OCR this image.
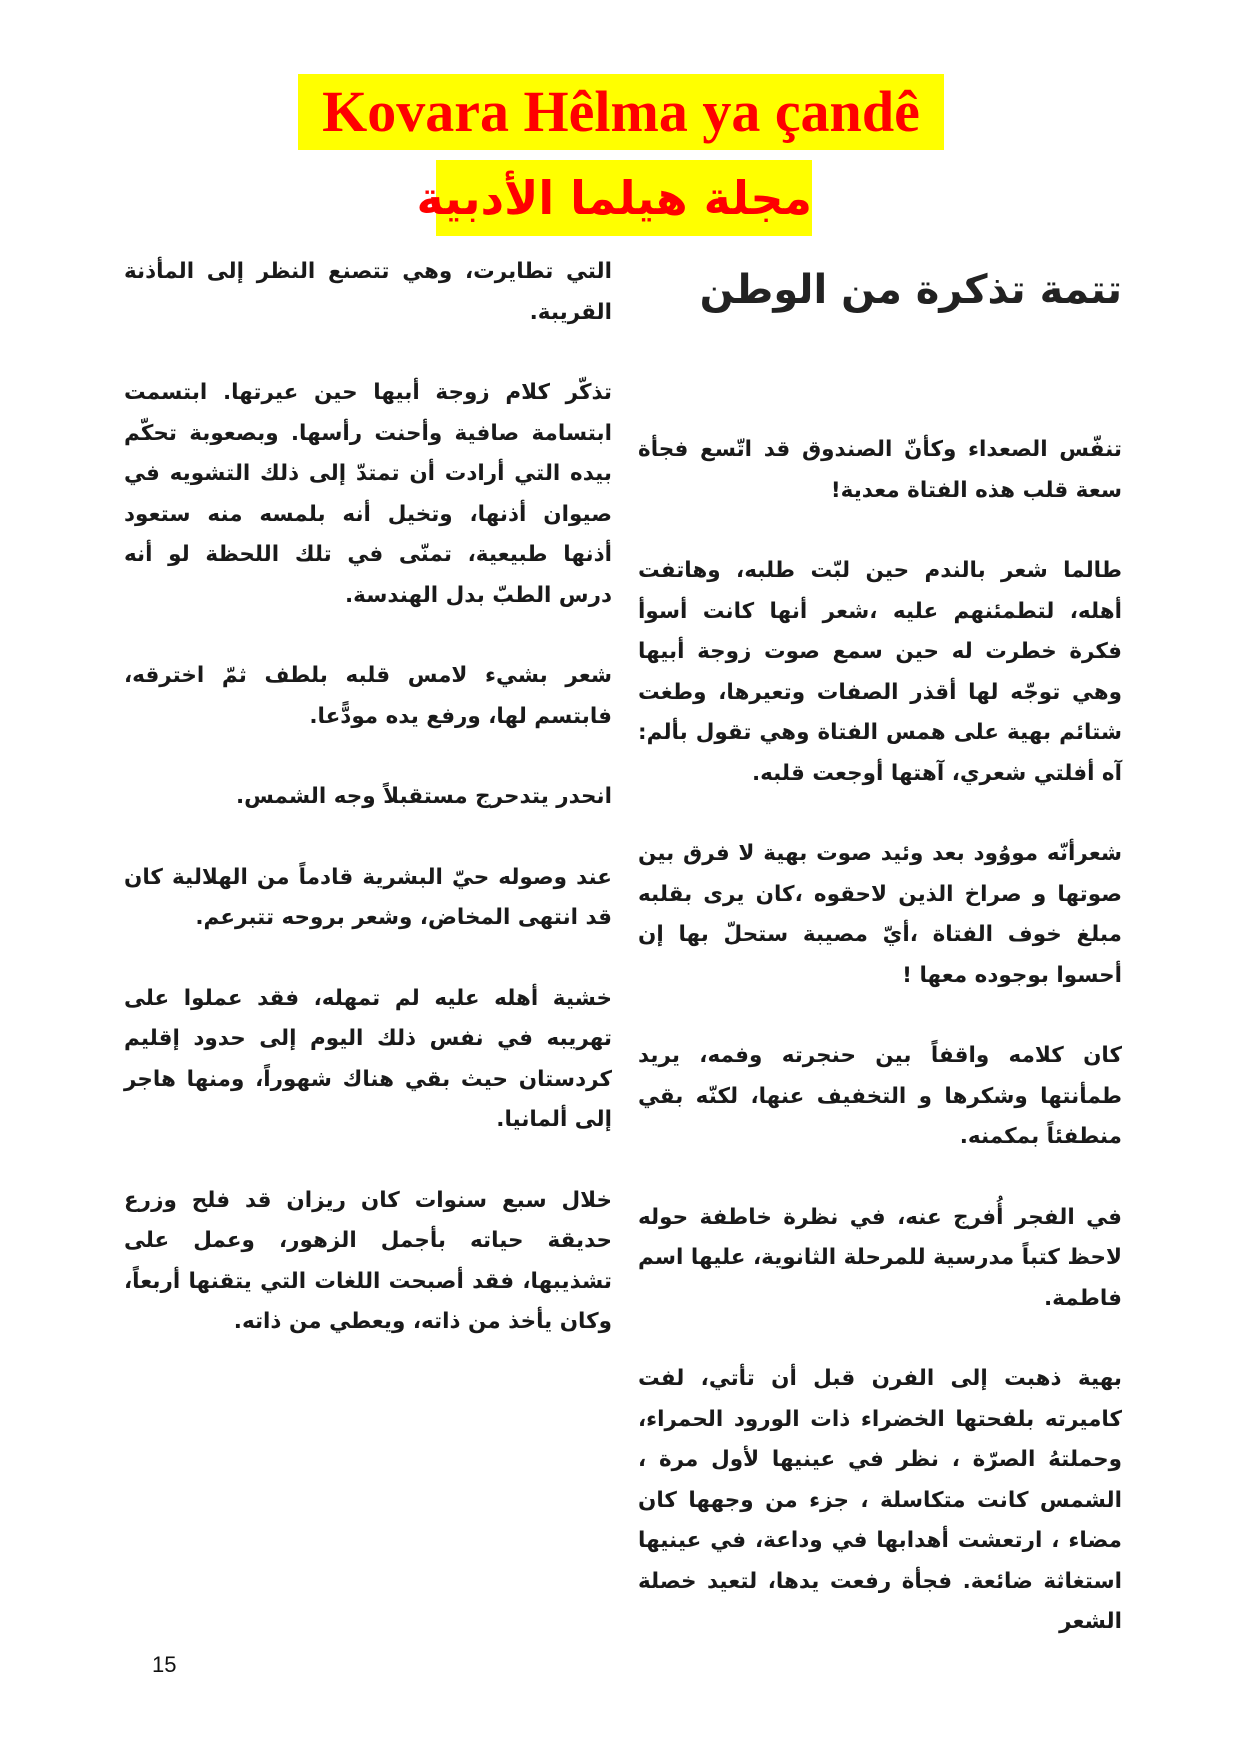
Kovara Hêlma ya çandê
مجلة هيلما الأدبية
تتمة تذكرة من الوطن

تنفّس الصعداء وكأنّ الصندوق قد اتّسع فجأة سعة قلب هذه الفتاة معدية!

طالما شعر بالندم حين لبّت طلبه، وهاتفت أهله، لتطمئنهم عليه ،شعر أنها كانت أسوأ فكرة خطرت له حين سمع صوت زوجة أبيها وهي توجّه لها أقذر الصفات وتعيرها، وطغت شتائم بهية على همس الفتاة وهي تقول بألم: آه أفلتي شعري، آهتها أوجعت قلبه.

شعرأنّه مووُود بعد وئيد صوت بهية لا فرق بين صوتها و صراخ الذين لاحقوه ،كان يرى بقلبه مبلغ خوف الفتاة ،أيّ مصيبة ستحلّ بها إن أحسوا بوجوده معها !

كان كلامه واقفاً بين حنجرته وفمه، يريد طمأنتها وشكرها و التخفيف عنها، لكنّه بقي منطفئاً بمكمنه.

في الفجر أُفرج عنه، في نظرة خاطفة حوله لاحظ كتباً مدرسية للمرحلة الثانوية، عليها اسم فاطمة.

بهية ذهبت إلى الفرن قبل أن تأتي، لفت كاميرته بلفحتها الخضراء ذات الورود الحمراء، وحملتهُ الصرّة ، نظر في عينيها لأول مرة ، الشمس كانت متكاسلة ، جزء من وجهها كان مضاء ، ارتعشت أهدابها في وداعة، في عينيها استغاثة ضائعة. فجأة رفعت يدها، لتعيد خصلة الشعر

التي تطايرت، وهي تتصنع النظر إلى المأذنة القريبة.

تذكّر كلام زوجة أبيها حين عيرتها. ابتسمت ابتسامة صافية وأحنت رأسها. وبصعوبة تحكّم بيده التي أرادت أن تمتدّ إلى ذلك التشويه في صيوان أذنها، وتخيل أنه بلمسه منه ستعود أذنها طبيعية، تمنّى في تلك اللحظة لو أنه درس الطبّ بدل الهندسة.

شعر بشيء لامس قلبه بلطف ثمّ اخترقه، فابتسم لها، ورفع يده مودًّعا.

انحدر يتدحرج مستقبلاً وجه الشمس.

عند وصوله حيّ البشرية قادماً من الهلالية كان قد انتهى المخاض، وشعر بروحه تتبرعم.

خشية أهله عليه لم تمهله، فقد عملوا على تهريبه في نفس ذلك اليوم إلى حدود إقليم كردستان حيث بقي هناك شهوراً، ومنها هاجر إلى ألمانيا.

خلال سبع سنوات كان ريزان قد فلح وزرع حديقة حياته بأجمل الزهور، وعمل على تشذيبها، فقد أصبحت اللغات التي يتقنها أربعاً، وكان يأخذ من ذاته، ويعطي من ذاته.

15
